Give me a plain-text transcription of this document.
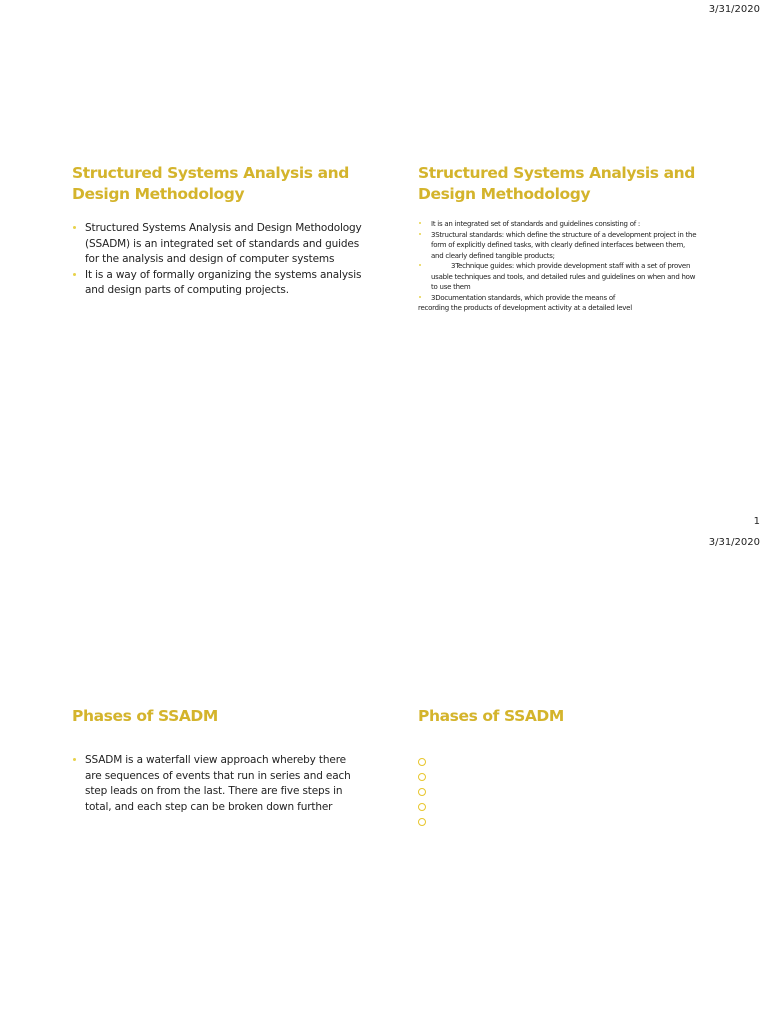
3/31/2020
Structured Systems Analysis and Design Methodology
Structured Systems Analysis and Design Methodology (SSADM) is an integrated set of standards and guides for the analysis and design of computer systems
It is a way of formally organizing the systems analysis and design parts of computing projects.
Structured Systems Analysis and Design Methodology
It is an integrated set of standards and guidelines consisting of :
3Structural standards: which define the structure of a development project in the form of explicitly defined tasks, with clearly defined interfaces between them, and clearly defined tangible products;
3Technique guides: which provide development staff with a set of proven usable techniques and tools, and detailed rules and guidelines on when and how to use them
3Documentation standards, which provide the means of
recording the products of development activity at a detailed level
1
3/31/2020
Phases of SSADM
SSADM is a waterfall view approach whereby there are sequences of events that run in series and each step leads on from the last. There are five steps in total, and each step can be broken down further
Phases of SSADM
